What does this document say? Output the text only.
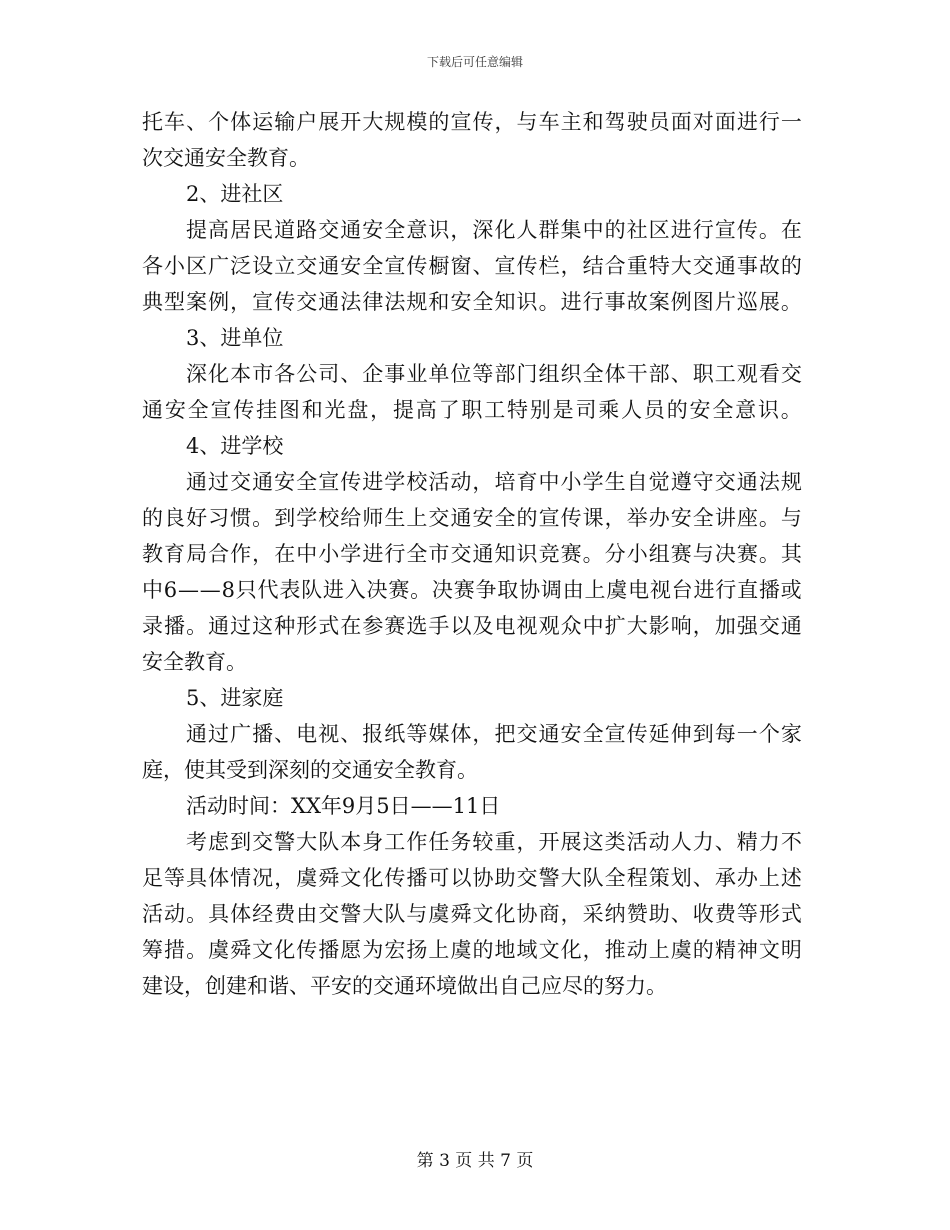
下载后可任意编辑
托 车 、 个 体 运 输 户 展 开 大 规 模 的 宣 传 ， 与 车 主 和 驾 驶 员 面 对 面 进 行 一
次交通安全教育。
2、进社区
提 高 居 民 道 路 交 通 安 全 意 识 ， 深 化 人 群 集 中 的 社 区 进 行 宣 传 。 在
各 小 区 广 泛 设 立 交 通 安 全 宣 传 橱 窗 、 宣 传 栏 ， 结 合 重 特 大 交 通 事 故 的
典 型 案 例 ， 宣 传 交 通 法 律 法 规 和 安 全 知 识 。 进 行 事 故 案 例 图 片 巡 展 。
3、进单位
深 化 本 市 各 公 司 、 企 事 业 单 位 等 部 门 组 织 全 体 干 部 、 职 工 观 看 交
通 安 全 宣 传 挂 图 和 光 盘 ， 提 高 了 职 工 特 别 是 司 乘 人 员 的 安 全 意 识 。
4、进学校
通 过 交 通 安 全 宣 传 进 学 校 活 动 ， 培 育 中 小 学 生 自 觉 遵 守 交 通 法 规
的 良 好 习 惯 。 到 学 校 给 师 生 上 交 通 安 全 的 宣 传 课 ， 举 办 安 全 讲 座 。 与
教 育 局 合 作 ， 在 中 小 学 进 行 全 市 交 通 知 识 竞 赛 。 分 小 组 赛 与 决 赛 。 其
中 6 — — 8 只 代 表 队 进 入 决 赛 。 决 赛 争 取 协 调 由 上 虞 电 视 台 进 行 直 播 或
录 播 。 通 过 这 种 形 式 在 参 赛 选 手 以 及 电 视 观 众 中 扩 大 影 响 ， 加 强 交 通
安全教育。
5、进家庭
通 过 广 播 、 电 视 、 报 纸 等 媒 体 ， 把 交 通 安 全 宣 传 延 伸 到 每 一 个 家
庭，使其受到深刻的交通安全教育。
活动时间：XX年9月5日——11日
考 虑 到 交 警 大 队 本 身 工 作 任 务 较 重 ， 开 展 这 类 活 动 人 力 、 精 力 不
足 等 具 体 情 况 ， 虞 舜 文 化 传 播 可 以 协 助 交 警 大 队 全 程 策 划 、 承 办 上 述
活 动 。 具 体 经 费 由 交 警 大 队 与 虞 舜 文 化 协 商 ， 采 纳 赞 助 、 收 费 等 形 式
筹 措 。 虞 舜 文 化 传 播 愿 为 宏 扬 上 虞 的 地 域 文 化 ， 推 动 上 虞 的 精 神 文 明
建设，创建和谐、平安的交通环境做出自己应尽的努力。
第 3 页 共 7 页
